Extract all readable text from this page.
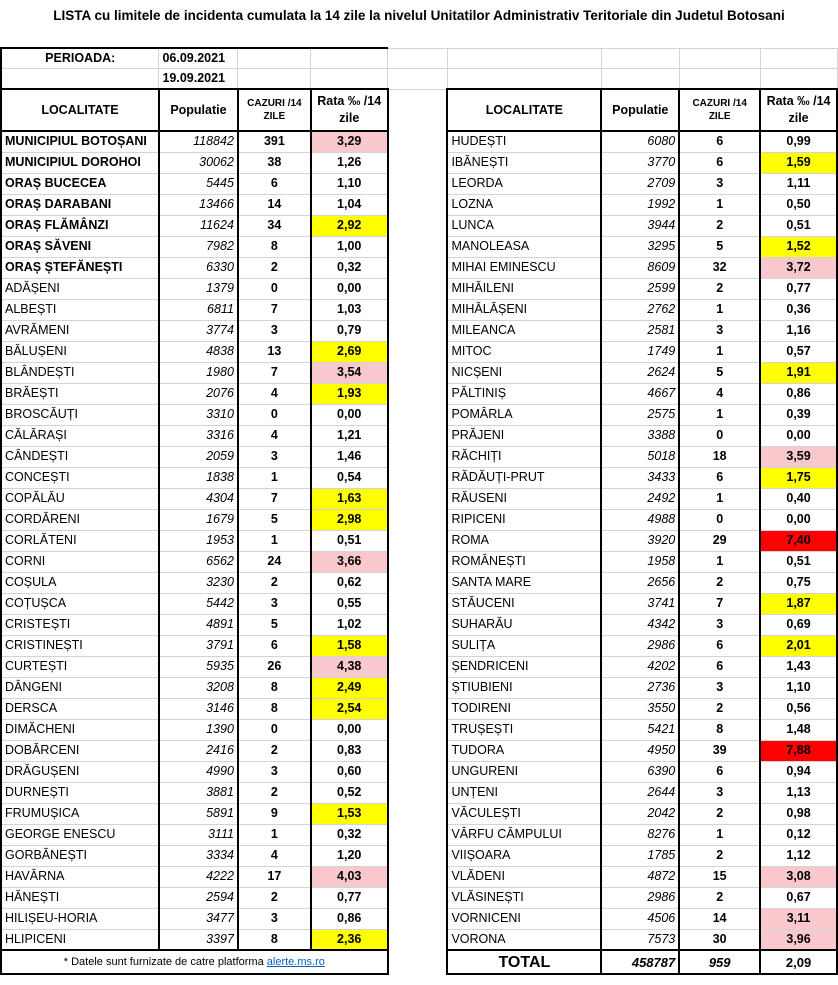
LISTA cu limitele de incidenta cumulata la 14 zile la nivelul Unitatilor Administrativ Teritoriale din Judetul Botosani
PERIOADA:	06.09.2021							
	19.09.2021							
LOCALITATE	Populatie	CAZURI /14 ZILE	Rata ‰ /14 zile		LOCALITATE	Populatie	CAZURI /14 ZILE	Rata ‰ /14 zile
MUNICIPIUL BOTOȘANI	118842	391	3,29		HUDEȘTI	6080	6	0,99
MUNICIPIUL DOROHOI	30062	38	1,26		IBĂNEȘTI	3770	6	1,59
ORAȘ BUCECEA	5445	6	1,10		LEORDA	2709	3	1,11
ORAȘ DARABANI	13466	14	1,04		LOZNA	1992	1	0,50
ORAȘ FLĂMÂNZI	11624	34	2,92		LUNCA	3944	2	0,51
ORAȘ SĂVENI	7982	8	1,00		MANOLEASA	3295	5	1,52
ORAȘ ȘTEFĂNEȘTI	6330	2	0,32		MIHAI EMINESCU	8609	32	3,72
ADĂȘENI	1379	0	0,00		MIHĂILENI	2599	2	0,77
ALBEȘTI	6811	7	1,03		MIHĂLĂȘENI	2762	1	0,36
AVRĂMENI	3774	3	0,79		MILEANCA	2581	3	1,16
BĂLUȘENI	4838	13	2,69		MITOC	1749	1	0,57
BLÂNDEȘTI	1980	7	3,54		NICȘENI	2624	5	1,91
BRĂEȘTI	2076	4	1,93		PĂLTINIȘ	4667	4	0,86
BROSCĂUȚI	3310	0	0,00		POMÂRLA	2575	1	0,39
CĂLĂRAȘI	3316	4	1,21		PRĂJENI	3388	0	0,00
CÂNDEȘTI	2059	3	1,46		RĂCHIȚI	5018	18	3,59
CONCEȘTI	1838	1	0,54		RĂDĂUȚI-PRUT	3433	6	1,75
COPĂLĂU	4304	7	1,63		RĂUSENI	2492	1	0,40
CORDĂRENI	1679	5	2,98		RIPICENI	4988	0	0,00
CORLĂTENI	1953	1	0,51		ROMA	3920	29	7,40
CORNI	6562	24	3,66		ROMÂNEȘTI	1958	1	0,51
COȘULA	3230	2	0,62		SANTA MARE	2656	2	0,75
COȚUȘCA	5442	3	0,55		STĂUCENI	3741	7	1,87
CRISTEȘTI	4891	5	1,02		SUHARĂU	4342	3	0,69
CRISTINEȘTI	3791	6	1,58		SULIȚA	2986	6	2,01
CURTEȘTI	5935	26	4,38		ȘENDRICENI	4202	6	1,43
DÂNGENI	3208	8	2,49		ȘTIUBIENI	2736	3	1,10
DERSCA	3146	8	2,54		TODIRENI	3550	2	0,56
DIMĂCHENI	1390	0	0,00		TRUȘEȘTI	5421	8	1,48
DOBĂRCENI	2416	2	0,83		TUDORA	4950	39	7,88
DRĂGUȘENI	4990	3	0,60		UNGURENI	6390	6	0,94
DURNEȘTI	3881	2	0,52		UNȚENI	2644	3	1,13
FRUMUȘICA	5891	9	1,53		VĂCULEȘTI	2042	2	0,98
GEORGE ENESCU	3111	1	0,32		VÂRFU CÂMPULUI	8276	1	0,12
GORBĂNEȘTI	3334	4	1,20		VIIȘOARA	1785	2	1,12
HAVÂRNA	4222	17	4,03		VLĂDENI	4872	15	3,08
HĂNEȘTI	2594	2	0,77		VLĂSINEȘTI	2986	2	0,67
HILIȘEU-HORIA	3477	3	0,86		VORNICENI	4506	14	3,11
HLIPICENI	3397	8	2,36		VORONA	7573	30	3,96
* Datele sunt furnizate de catre platforma alerte.ms.ro					TOTAL	458787	959	2,09
